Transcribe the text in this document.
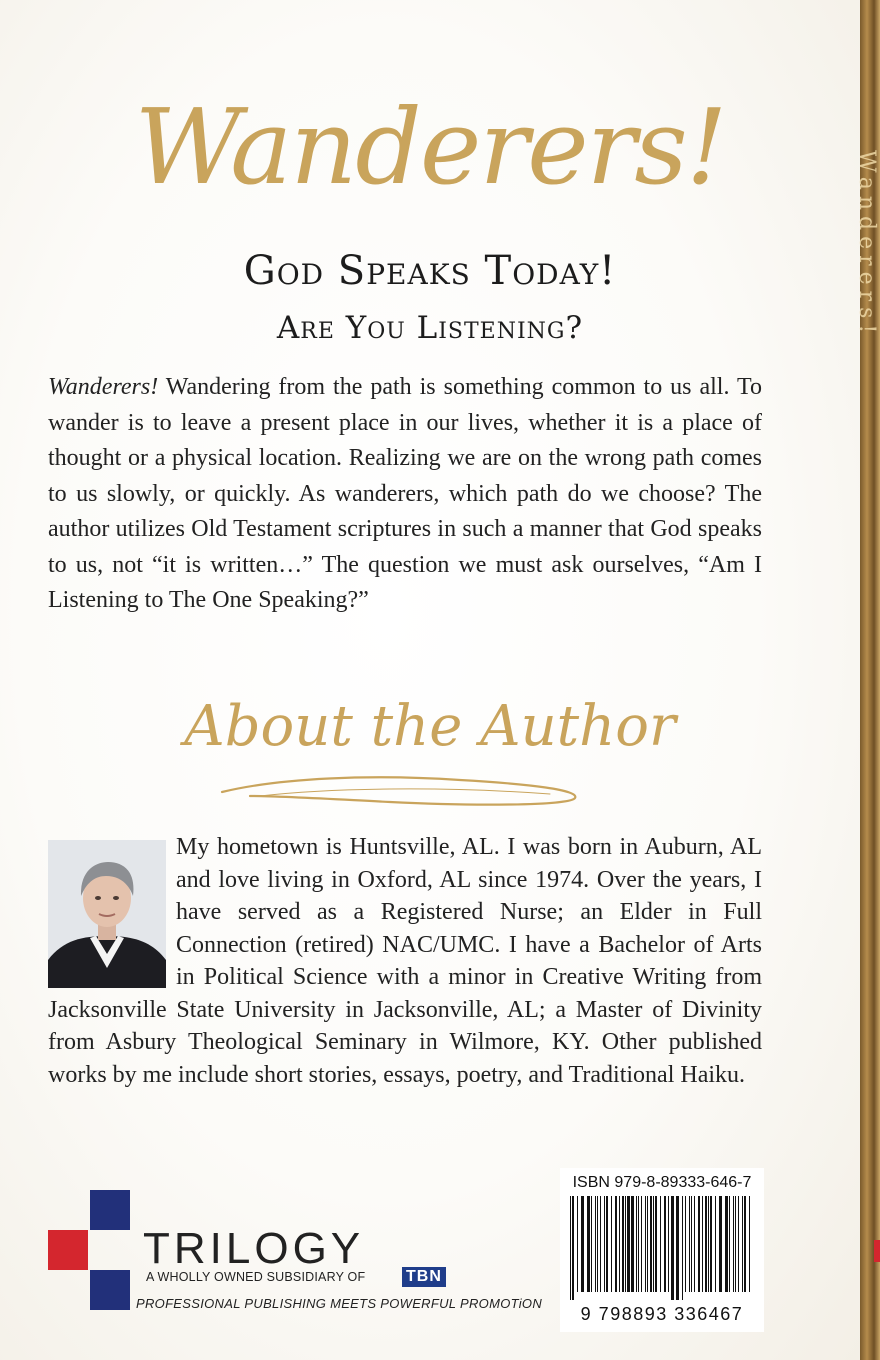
Wanderers!
Wanderers!
God Speaks Today!
Are You Listening?
Wanderers! Wandering from the path is something common to us all. To wander is to leave a present place in our lives, whether it is a place of thought or a physical location. Realizing we are on the wrong path comes to us slowly, or quickly. As wanderers, which path do we choose? The author utilizes Old Testament scriptures in such a manner that God speaks to us, not “it is written…” The question we must ask ourselves, “Am I Listening to The One Speaking?”
About the Author
My hometown is Huntsville, AL. I was born in Auburn, AL and love living in Oxford, AL since 1974. Over the years, I have served as a Registered Nurse; an Elder in Full Connection (retired) NAC/UMC. I have a Bachelor of Arts in Political Science with a minor in Creative Writing from Jacksonville State University in Jacksonville, AL; a Master of Divinity from Asbury Theological Seminary in Wilmore, KY. Other published works by me include short stories, essays, poetry, and Traditional Haiku.
ISBN 979-8-89333-646-7
9 798893 336467
TRILOGY
A WHOLLY OWNED SUBSIDIARY OF	TBN
PROFESSIONAL PUBLISHING MEETS POWERFUL PROMOTiON
